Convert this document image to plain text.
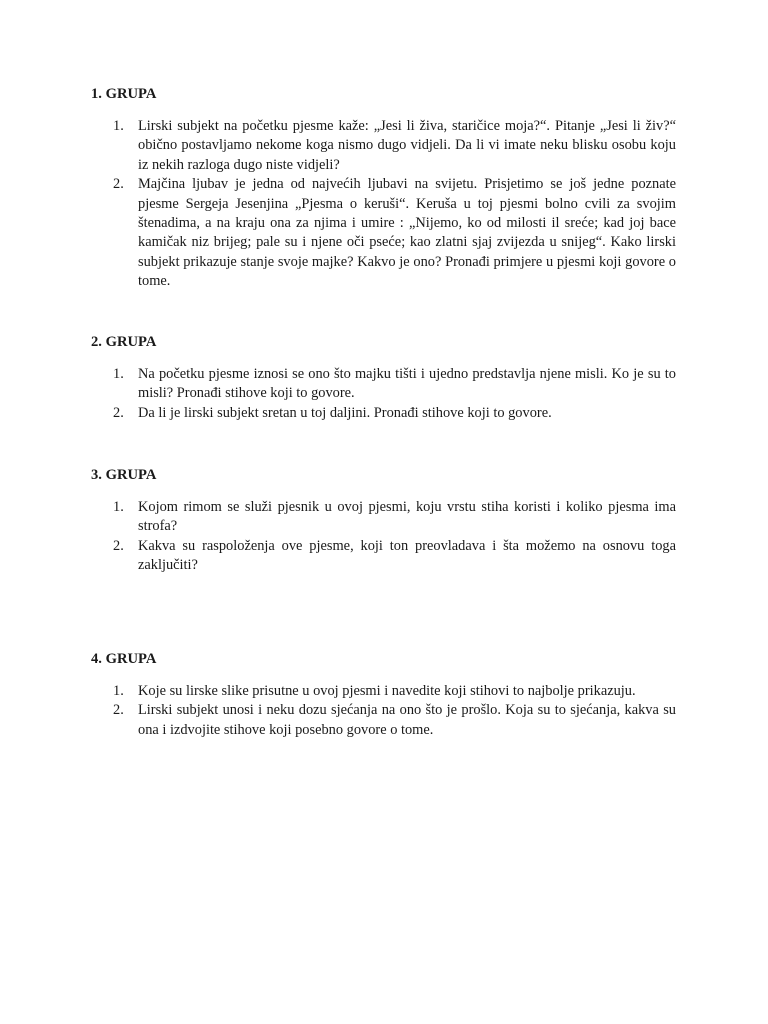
1. GRUPA
1. Lirski subjekt na početku pjesme kaže: „Jesi li živa, staričice moja?“. Pitanje „Jesi li živ?“ obično postavljamo nekome koga nismo dugo vidjeli. Da li vi imate neku blisku osobu koju iz nekih razloga dugo niste vidjeli?
2. Majčina ljubav je jedna od najvećih ljubavi na svijetu. Prisjetimo se još jedne poznate pjesme Sergeja Jesenjina „Pjesma o keruši“. Keruša u toj pjesmi bolno cvili za svojim štenadima, a na kraju ona za njima i umire : „Nijemo, ko od milosti il sreće; kad joj bace kamičak niz brijeg; pale su i njene oči pseće; kao zlatni sjaj zvijezda u snijeg“. Kako lirski subjekt prikazuje stanje svoje majke? Kakvo je ono? Pronađi primjere u pjesmi koji govore o tome.
2. GRUPA
1. Na početku pjesme iznosi se ono što majku tišti i ujedno predstavlja njene misli. Ko je su to misli? Pronađi stihove koji to govore.
2. Da li je lirski subjekt sretan u toj daljini. Pronađi stihove koji to govore.
3. GRUPA
1. Kojom rimom se služi pjesnik u ovoj pjesmi, koju vrstu stiha koristi i koliko pjesma ima strofa?
2. Kakva su raspoloženja ove pjesme, koji ton preovladava i šta možemo na osnovu toga zaključiti?
4. GRUPA
1. Koje su lirske slike prisutne u ovoj pjesmi i navedite koji stihovi to najbolje prikazuju.
2. Lirski subjekt unosi i neku dozu sjećanja na ono što je prošlo. Koja su to sjećanja, kakva su ona i izdvojite stihove koji posebno govore o tome.
